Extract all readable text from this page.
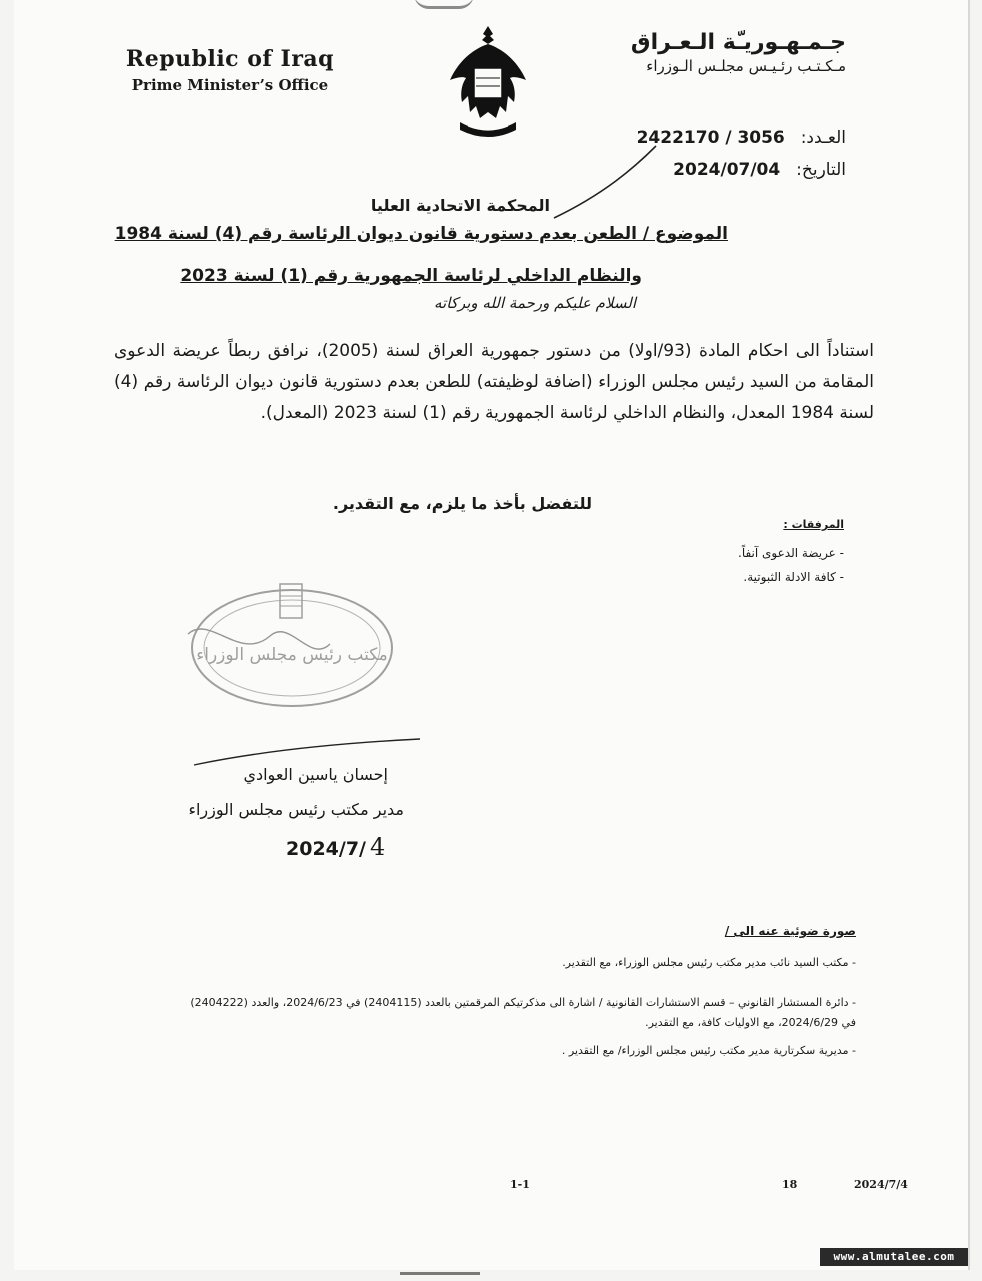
Republic of Iraq
Prime Minister’s Office
جـمـهـوريـّة الـعـراق
مـكـتـب رئـيـس مجلـس الـوزراء
العـدد: 2422170 / 3056
التاريخ: 2024/07/04
المحكمة الاتحادية العليا
الموضوع / الطعن بعدم دستورية قانون ديوان الرئاسة رقم (4) لسنة 1984
والنظام الداخلي لرئاسة الجمهورية رقم (1) لسنة 2023
السلام عليكم ورحمة الله وبركاته
استناداً الى احكام المادة (93/اولا) من دستور جمهورية العراق لسنة (2005)، نرافق ربطاً عريضة الدعوى المقامة من السيد رئيس مجلس الوزراء (اضافة لوظيفته) للطعن بعدم دستورية قانون ديوان الرئاسة رقم (4) لسنة 1984 المعدل، والنظام الداخلي لرئاسة الجمهورية رقم (1) لسنة 2023 (المعدل).
للتفضل بأخذ ما يلزم، مع التقدير.
المرفقات :
- عريضة الدعوى آنفاً.
- كافة الادلة الثبوتية.
مكتب رئيس مجلس الوزراء
إحسان ياسين العوادي
مدير مكتب رئيس مجلس الوزراء
2024/7/ 4
صورة ضوئية عنه الى /
- مكتب السيد نائب مدير مكتب رئيس مجلس الوزراء، مع التقدير.
- دائرة المستشار القانوني – قسم الاستشارات القانونية / اشارة الى مذكرتيكم المرقمتين بالعدد (2404115) في 2024/6/23، والعدد (2404222)
في 2024/6/29، مع الاوليات كافة، مع التقدير.
- مديرية سكرتارية مدير مكتب رئيس مجلس الوزراء/ مع التقدير .
1-1	18	2024/7/4
www.almutalee.com
